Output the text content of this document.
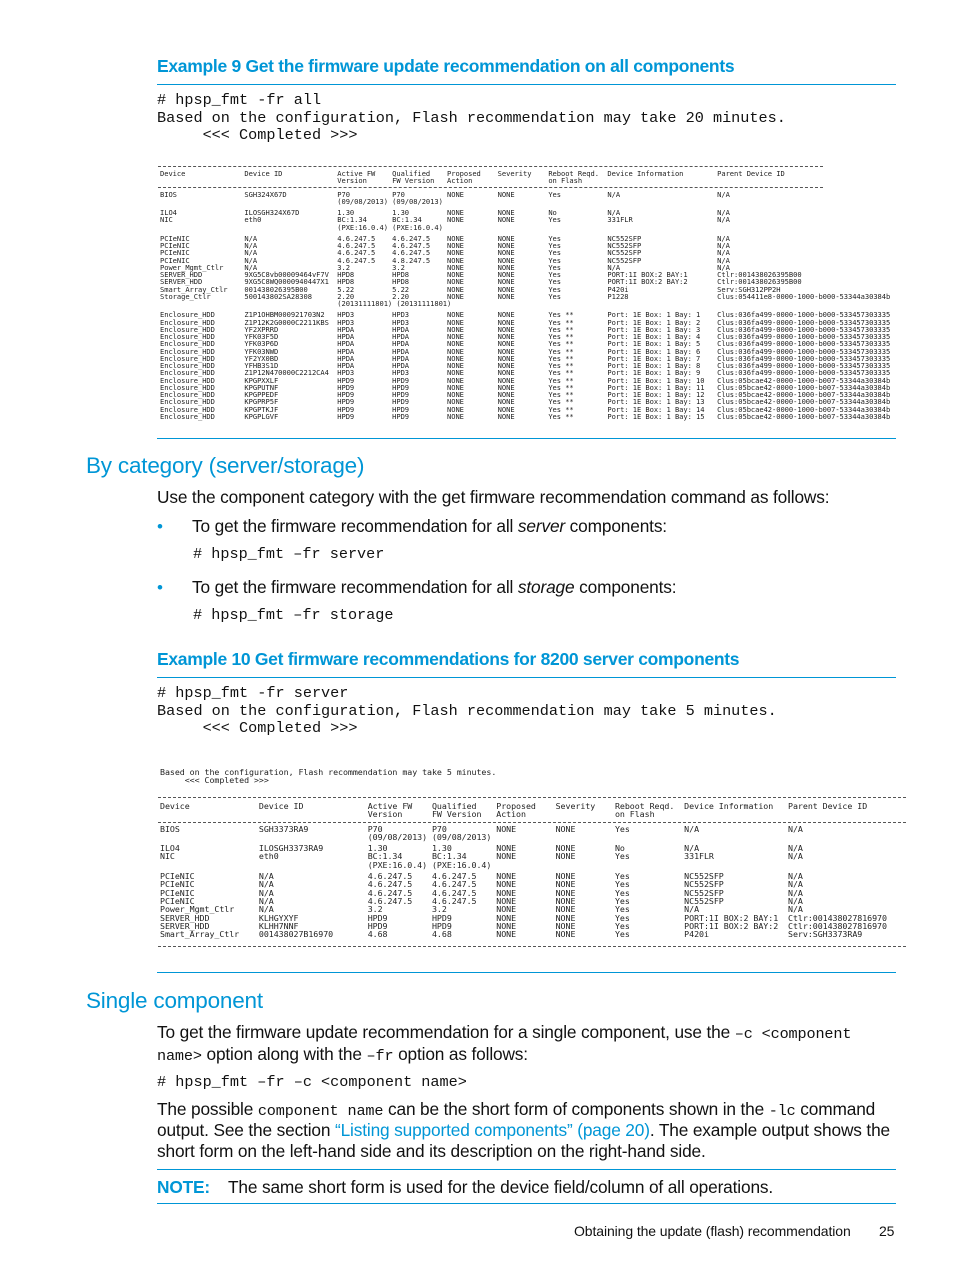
Example 9 Get the firmware update recommendation on all components
# hpsp_fmt -fr all
Based on the configuration, Flash recommendation may take 20 minutes.
<<< Completed >>>
Device              Device ID             Active FW    Qualified    Proposed    Severity    Reboot Reqd.  Device Information        Parent Device ID
Version      FW Version   Action                  on Flash
BIOS                SGH324X67D            P70          P70          NONE        NONE        Yes           N/A                       N/A
(09/08/2013) (09/08/2013)
ILO4                ILOSGH324X67D         1.30         1.30         NONE        NONE        No            N/A                       N/A
NIC                 eth0                  BC:1.34      BC:1.34      NONE        NONE        Yes           331FLR                    N/A
(PXE:16.0.4) (PXE:16.0.4)
PCIeNIC             N/A                   4.6.247.5    4.6.247.5    NONE        NONE        Yes           NC552SFP                  N/A
PCIeNIC             N/A                   4.6.247.5    4.6.247.5    NONE        NONE        Yes           NC552SFP                  N/A
PCIeNIC             N/A                   4.6.247.5    4.6.247.5    NONE        NONE        Yes           NC552SFP                  N/A
PCIeNIC             N/A                   4.6.247.5    4.8.247.5    NONE        NONE        Yes           NC552SFP                  N/A
Power_Mgmt_Ctlr     N/A                   3.2          3.2          NONE        NONE        Yes           N/A                       N/A
SERVER_HDD          9XG5C8vb00009464vF7V  HPD8         HPD8         NONE        NONE        Yes           PORT:1I BOX:2 BAY:1       Ctlr:001438026395B00
SERVER_HDD          9XG5C8WQ0000940447X1  HPD8         HPD8         NONE        NONE        Yes           PORT:1I BOX:2 BAY:2       Ctlr:001438026395B00
Smart_Array_Ctlr    001438026395B00       5.22         5.22         NONE        NONE        Yes           P420i                     Serv:SGH312PP2H
Storage_Ctlr        500143802SA28308      2.20         2.20         NONE        NONE        Yes           P1228                     Clus:054411e8-0000-1000-b000-53344a30384b
(20131111801) (20131111801)
Enclosure_HDD       Z1P1OHBM000921703N2   HPD3         HPD3         NONE        NONE        Yes **        Port: 1E Box: 1 Bay: 1    Clus:036fa499-0000-1000-b000-533457303335
Enclosure_HDD       Z1P12K2G0000C2211KBS  HPD3         HPD3         NONE        NONE        Yes **        Port: 1E Box: 1 Bay: 2    Clus:036fa499-0000-1000-b000-533457303335
Enclosure_HDD       YF2XPRRD              HPDA         HPDA         NONE        NONE        Yes **        Port: 1E Box: 1 Bay: 3    Clus:036fa499-0000-1000-b000-533457303335
Enclosure_HDD       YFK03F5D              HPDA         HPDA         NONE        NONE        Yes **        Port: 1E Box: 1 Bay: 4    Clus:036fa499-0000-1000-b000-533457303335
Enclosure_HDD       YFK03P6D              HPDA         HPDA         NONE        NONE        Yes **        Port: 1E Box: 1 Bay: 5    Clus:036fa499-0000-1000-b000-533457303335
Enclosure_HDD       YFK03NWD              HPDA         HPDA         NONE        NONE        Yes **        Port: 1E Box: 1 Bay: 6    Clus:036fa499-0000-1000-b000-533457303335
Enclosure_HDD       YF2YX0BD              HPDA         HPDA         NONE        NONE        Yes **        Port: 1E Box: 1 Bay: 7    Clus:036fa499-0000-1000-b000-533457303335
Enclosure_HDD       YFHB3S1D              HPDA         HPDA         NONE        NONE        Yes **        Port: 1E Box: 1 Bay: 8    Clus:036fa499-0000-1000-b000-533457303335
Enclosure_HDD       Z1P12N470000C2212CA4  HPD3         HPD3         NONE        NONE        Yes **        Port: 1E Box: 1 Bay: 9    Clus:036fa499-0000-1000-b000-533457303335
Enclosure_HDD       KPGPXXLF              HPD9         HPD9         NONE        NONE        Yes **        Port: 1E Box: 1 Bay: 10   Clus:05bcae42-0000-1000-b007-53344a30384b
Enclosure_HDD       KPGPUTNF              HPD9         HPD9         NONE        NONE        Yes **        Port: 1E Box: 1 Bay: 11   Clus:05bcae42-0000-1000-b007-53344a30384b
Enclosure_HDD       KPGPPEDF              HPD9         HPD9         NONE        NONE        Yes **        Port: 1E Box: 1 Bay: 12   Clus:05bcae42-0000-1000-b007-53344a30384b
Enclosure_HDD       KPGPRP5F              HPD9         HPD9         NONE        NONE        Yes **        Port: 1E Box: 1 Bay: 13   Clus:05bcae42-0000-1000-b007-53344a30384b
Enclosure_HDD       KPGPTKJF              HPD9         HPD9         NONE        NONE        Yes **        Port: 1E Box: 1 Bay: 14   Clus:05bcae42-0000-1000-b007-53344a30384b
Enclosure_HDD       KPGPLGVF              HPD9         HPD9         NONE        NONE        Yes **        Port: 1E Box: 1 Bay: 15   Clus:05bcae42-0000-1000-b007-53344a30384b
By category (server/storage)
Use the component category with the get firmware recommendation command as follows:
• To get the firmware recommendation for all server components:
# hpsp_fmt –fr server
• To get the firmware recommendation for all storage components:
# hpsp_fmt –fr storage
Example 10 Get firmware recommendations for 8200 server components
# hpsp_fmt -fr server
Based on the configuration, Flash recommendation may take 5 minutes.
<<< Completed >>>
Based on the configuration, Flash recommendation may take 5 minutes.
<<< Completed >>>
Device              Device ID             Active FW    Qualified    Proposed    Severity    Reboot Reqd.  Device Information   Parent Device ID
Version      FW Version   Action                  on Flash
BIOS                SGH3373RA9            P70          P70          NONE        NONE        Yes           N/A                  N/A
(09/08/2013) (09/08/2013)
ILO4                ILOSGH3373RA9         1.30         1.30         NONE        NONE        No            N/A                  N/A
NIC                 eth0                  BC:1.34      BC:1.34      NONE        NONE        Yes           331FLR               N/A
(PXE:16.0.4) (PXE:16.0.4)
PCIeNIC             N/A                   4.6.247.5    4.6.247.5    NONE        NONE        Yes           NC552SFP             N/A
PCIeNIC             N/A                   4.6.247.5    4.6.247.5    NONE        NONE        Yes           NC552SFP             N/A
PCIeNIC             N/A                   4.6.247.5    4.6.247.5    NONE        NONE        Yes           NC552SFP             N/A
PCIeNIC             N/A                   4.6.247.5    4.6.247.5    NONE        NONE        Yes           NC552SFP             N/A
Power_Mgmt_Ctlr     N/A                   3.2          3.2          NONE        NONE        Yes           N/A                  N/A
SERVER_HDD          KLHGYXYF              HPD9         HPD9         NONE        NONE        Yes           PORT:1I BOX:2 BAY:1  Ctlr:001438027816970
SERVER_HDD          KLHH7NNF              HPD9         HPD9         NONE        NONE        Yes           PORT:1I BOX:2 BAY:2  Ctlr:001438027816970
Smart_Array_Ctlr    001438027B16970       4.68         4.68         NONE        NONE        Yes           P420i                Serv:SGH3373RA9
Single component
To get the firmware update recommendation for a single component, use the –c <component
name> option along with the –fr option as follows:
# hpsp_fmt –fr –c <component name>
The possible component name can be the short form of components shown in the -lc command
output. See the section “Listing supported components” (page 20). The example output shows the
short form on the left-hand side and its description on the right-hand side.
NOTE: The same short form is used for the device field/column of all operations.
Obtaining the update (flash) recommendation 25
